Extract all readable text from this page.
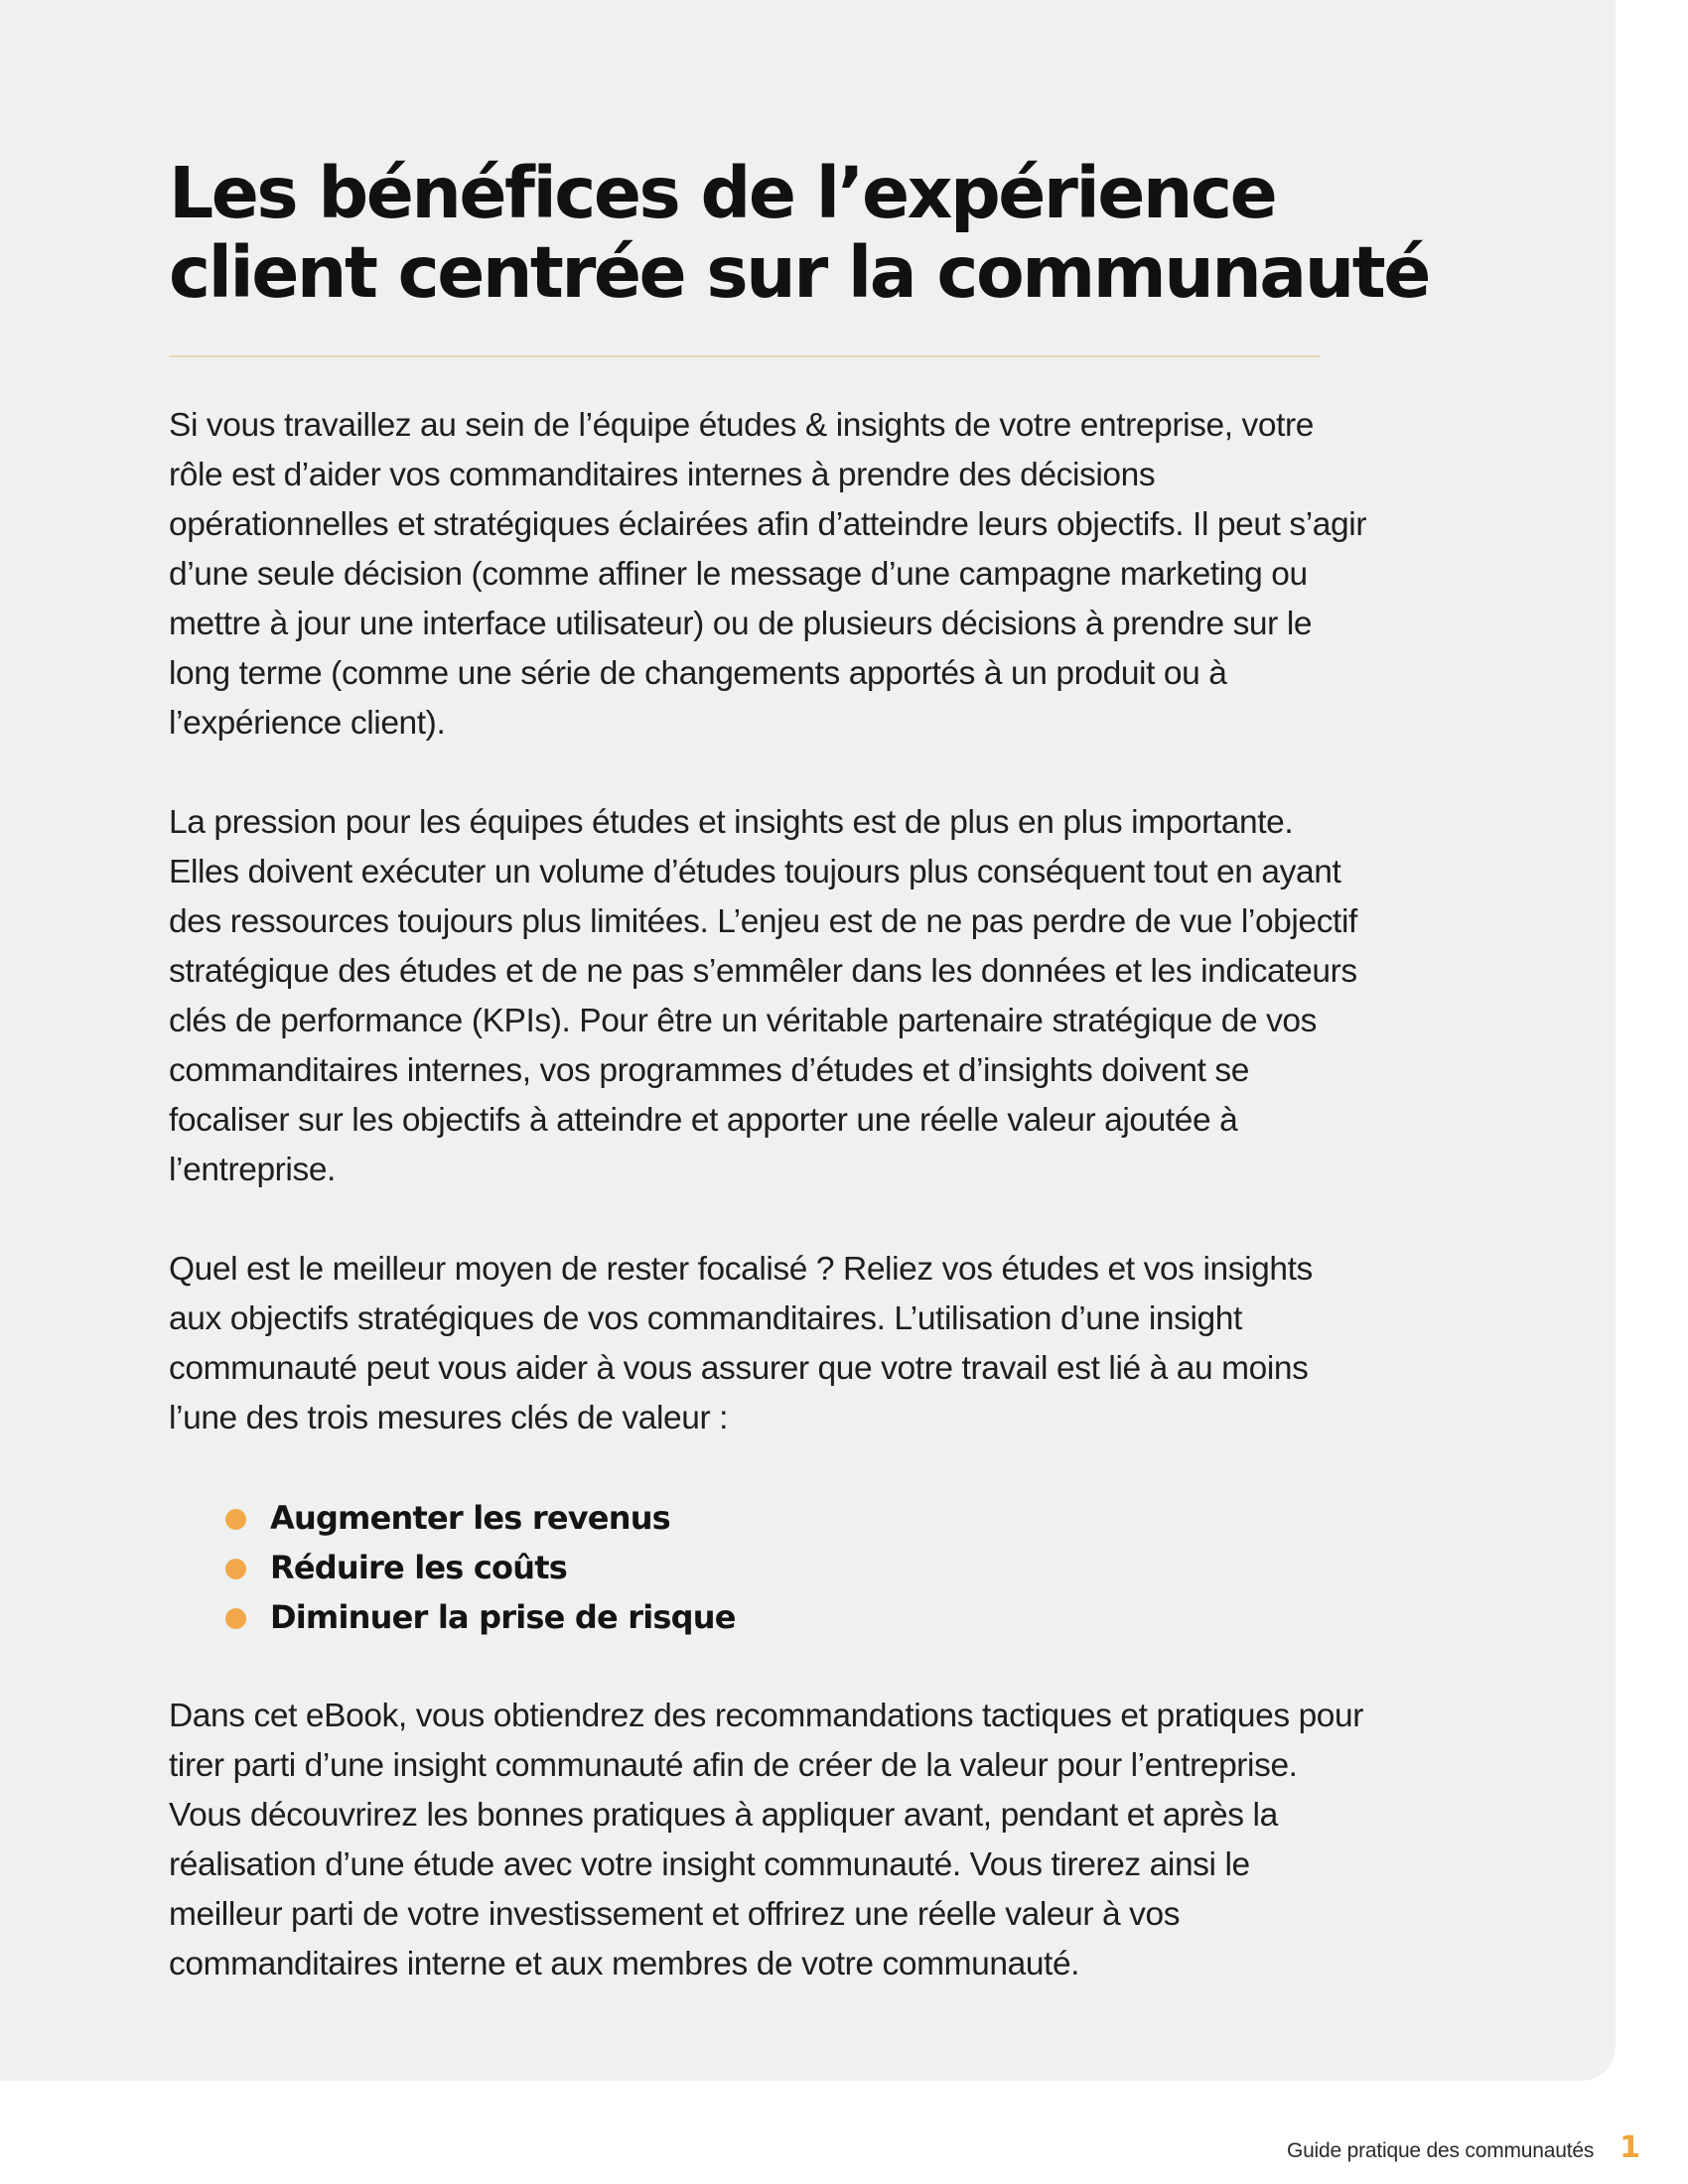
Les bénéfices de l’expérience
client centrée sur la communauté

Si vous travaillez au sein de l’équipe études & insights de votre entreprise, votre rôle est d’aider vos commanditaires internes à prendre des décisions opérationnelles et stratégiques éclairées afin d’atteindre leurs objectifs. Il peut s’agir d’une seule décision (comme affiner le message d’une campagne marketing ou mettre à jour une interface utilisateur) ou de plusieurs décisions à prendre sur le long terme (comme une série de changements apportés à un produit ou à l’expérience client).

La pression pour les équipes études et insights est de plus en plus importante. Elles doivent exécuter un volume d’études toujours plus conséquent tout en ayant des ressources toujours plus limitées. L’enjeu est de ne pas perdre de vue l’objectif stratégique des études et de ne pas s’emmêler dans les données et les indicateurs clés de performance (KPIs). Pour être un véritable partenaire stratégique de vos commanditaires internes, vos programmes d’études et d’insights doivent se focaliser sur les objectifs à atteindre et apporter une réelle valeur ajoutée à l’entreprise.

Quel est le meilleur moyen de rester focalisé ? Reliez vos études et vos insights aux objectifs stratégiques de vos commanditaires. L’utilisation d’une insight communauté peut vous aider à vous assurer que votre travail est lié à au moins l’une des trois mesures clés de valeur :

Augmenter les revenus
Réduire les coûts
Diminuer la prise de risque

Dans cet eBook, vous obtiendrez des recommandations tactiques et pratiques pour tirer parti d’une insight communauté afin de créer de la valeur pour l’entreprise. Vous découvrirez les bonnes pratiques à appliquer avant, pendant et après la réalisation d’une étude avec votre insight communauté. Vous tirerez ainsi le meilleur parti de votre investissement et offrirez une réelle valeur à vos commanditaires interne et aux membres de votre communauté.

Guide pratique des communautés 1
